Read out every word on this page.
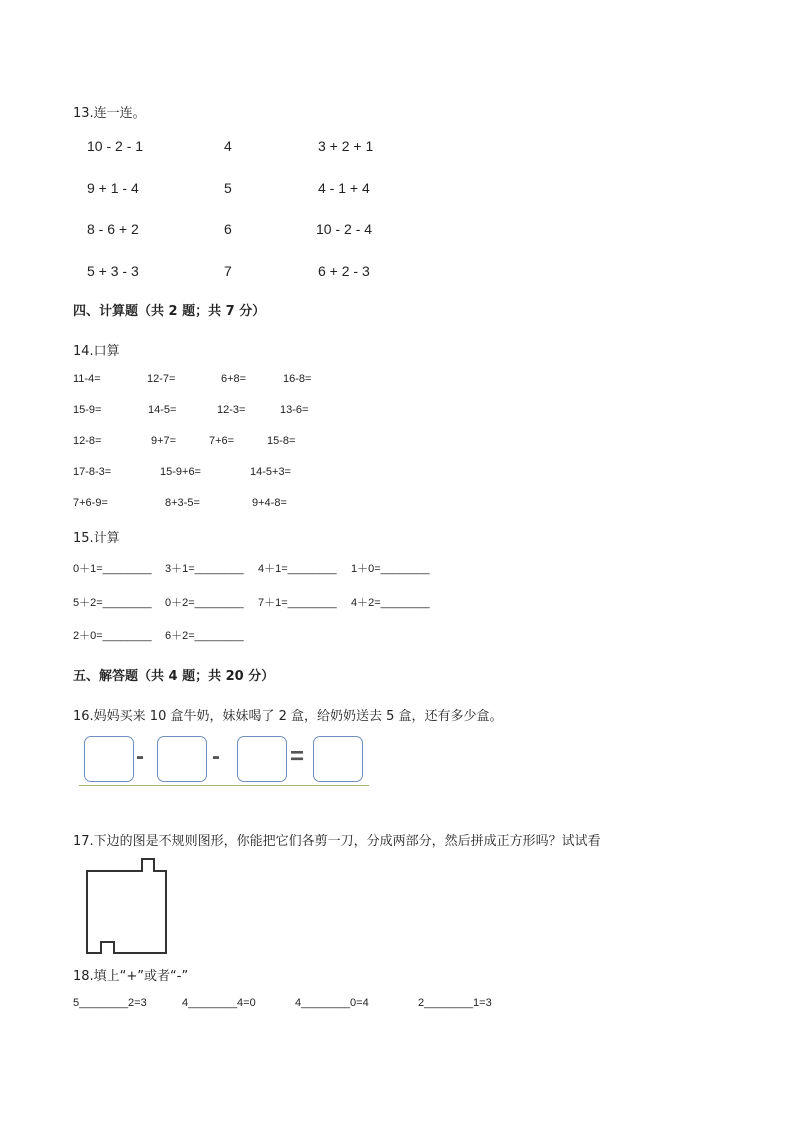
13.连一连。
10 - 2 - 1	4	3 + 2 + 1
9 + 1 - 4	5	4 - 1 + 4
8 - 6 + 2	6	10 - 2 - 4
5 + 3 - 3	7	6 + 2 - 3
四、计算题（共 2 题；共 7 分）
14.口算
11-4=	12-7=	6+8=	16-8=
15-9=	14-5=	12-3=	13-6=
12-8=	9+7=	7+6=	15-8=
17-8-3=	15-9+6=	14-5+3=
7+6-9=	8+3-5=	9+4-8=
15.计算
0＋1=________ 3＋1=________ 4＋1=________ 1＋0=________
5＋2=________ 0＋2=________ 7＋1=________ 4＋2=________
2＋0=________ 6＋2=________
五、解答题（共 4 题；共 20 分）
16.妈妈买来 10 盒牛奶，妹妹喝了 2 盒，给奶奶送去 5 盒，还有多少盒。
-	-	=
17.下边的图是不规则图形，你能把它们各剪一刀，分成两部分，然后拼成正方形吗？试试看
18.填上“+”或者“-”
5________2=3	4________4=0	4________0=4	2________1=3
